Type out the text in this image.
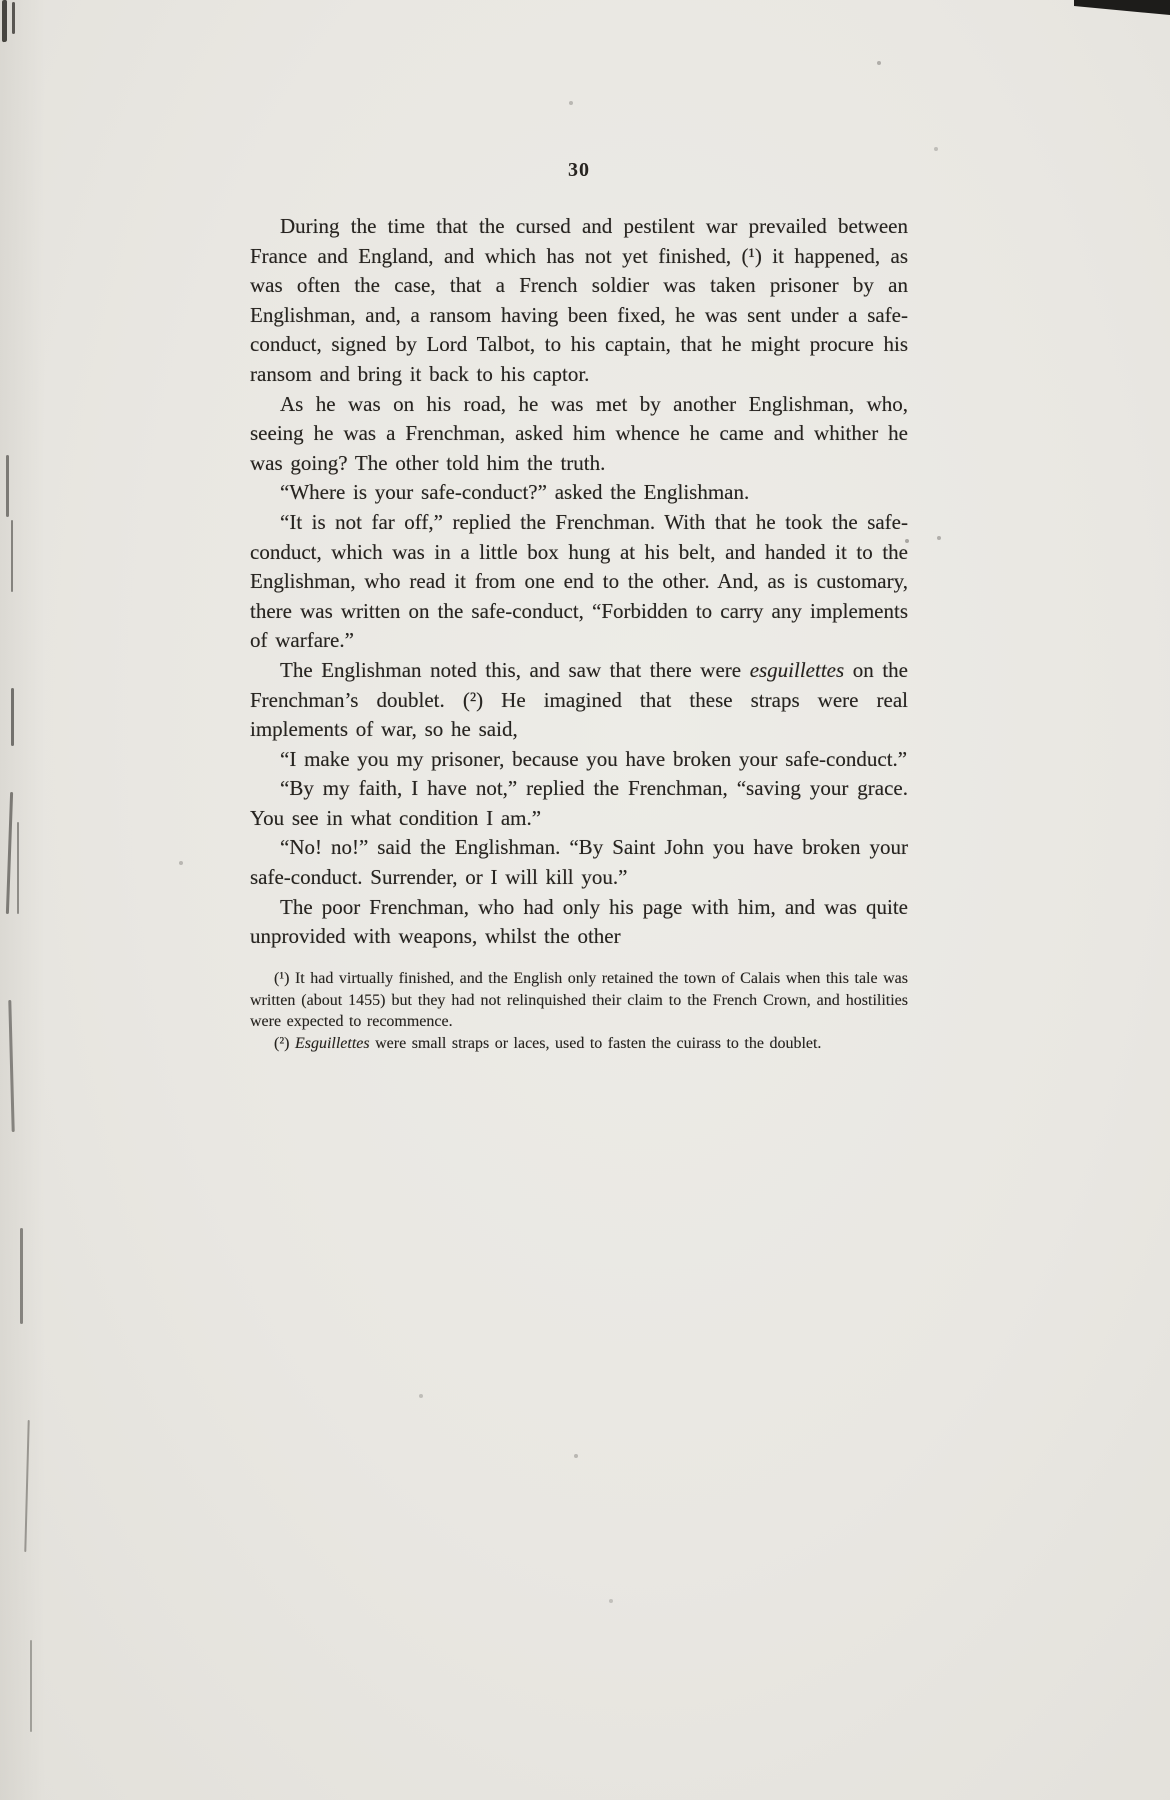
30

During the time that the cursed and pestilent war prevailed between France and England, and which has not yet finished, (¹) it happened, as was often the case, that a French soldier was taken prisoner by an Englishman, and, a ransom having been fixed, he was sent under a safe-conduct, signed by Lord Talbot, to his captain, that he might procure his ransom and bring it back to his captor.

As he was on his road, he was met by another Englishman, who, seeing he was a Frenchman, asked him whence he came and whither he was going? The other told him the truth.

“Where is your safe-conduct?” asked the Englishman.

“It is not far off,” replied the Frenchman. With that he took the safe-conduct, which was in a little box hung at his belt, and handed it to the Englishman, who read it from one end to the other. And, as is customary, there was written on the safe-conduct, “Forbidden to carry any implements of warfare.”

The Englishman noted this, and saw that there were esguillettes on the Frenchman’s doublet. (²) He imagined that these straps were real implements of war, so he said,

“I make you my prisoner, because you have broken your safe-conduct.”

“By my faith, I have not,” replied the Frenchman, “saving your grace. You see in what condition I am.”

“No! no!” said the Englishman. “By Saint John you have broken your safe-conduct. Surrender, or I will kill you.”

The poor Frenchman, who had only his page with him, and was quite unprovided with weapons, whilst the other

(¹) It had virtually finished, and the English only retained the town of Calais when this tale was written (about 1455) but they had not relinquished their claim to the French Crown, and hostilities were expected to recommence.

(²) Esguillettes were small straps or laces, used to fasten the cuirass to the doublet.
